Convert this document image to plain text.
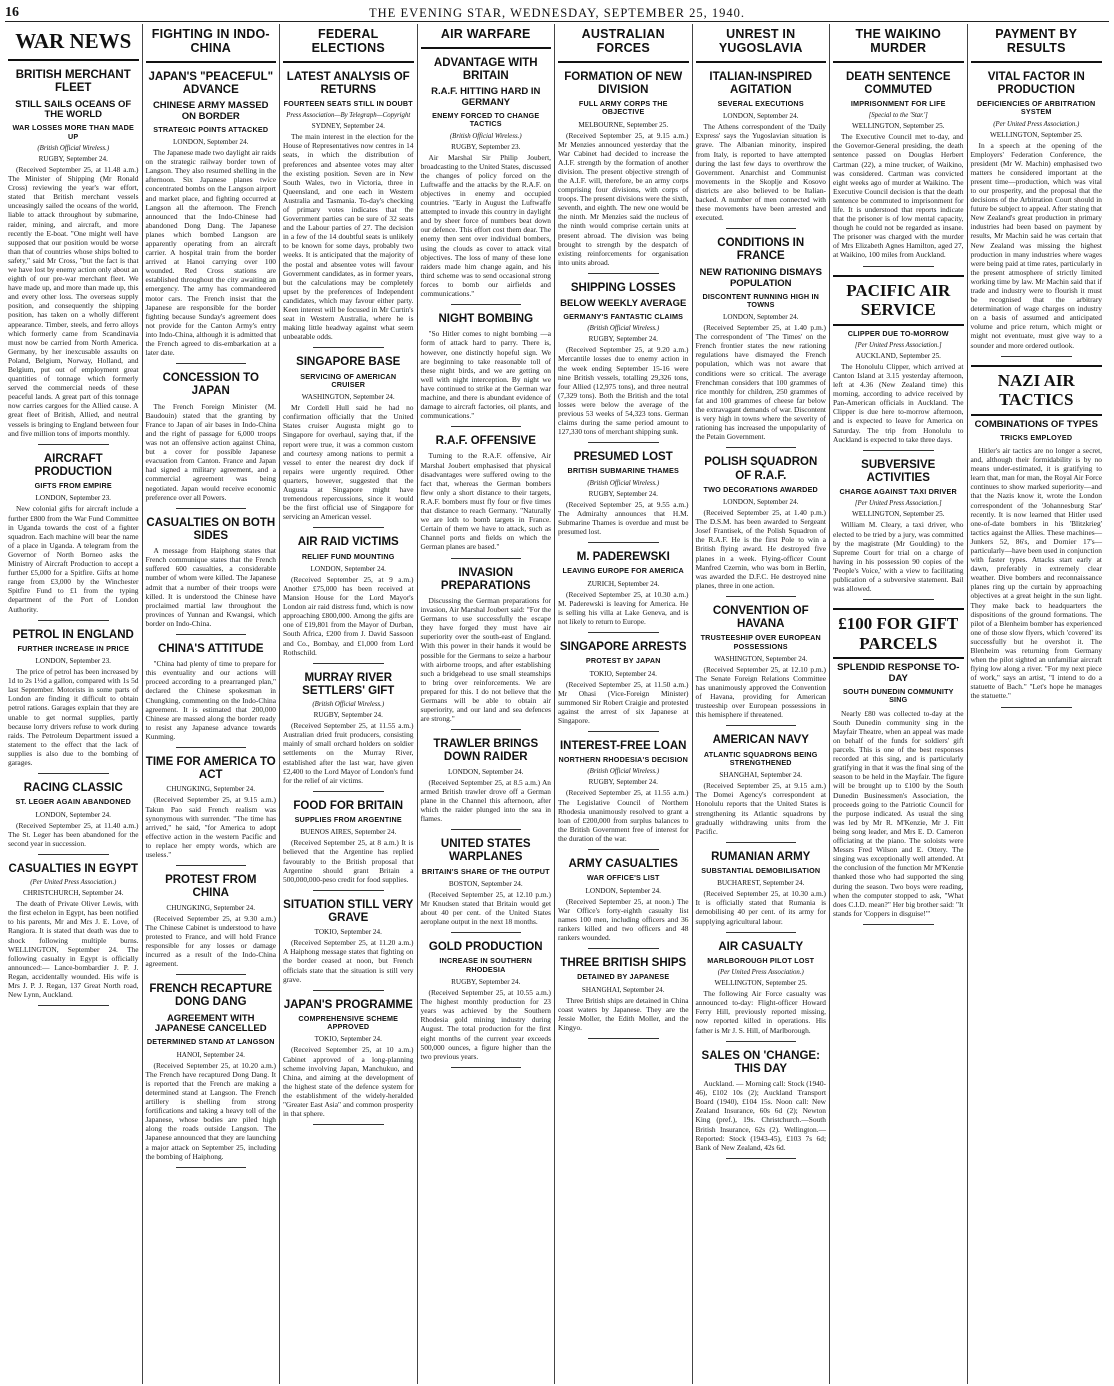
16	THE EVENING STAR, WEDNESDAY, SEPTEMBER 25, 1940.
WAR NEWS
BRITISH MERCHANT FLEET
STILL SAILS OCEANS OF THE WORLD
WAR LOSSES MORE THAN MADE UP
(British Official Wireless.)
RUGBY, September 24.
(Received September 25, at 11.48 a.m.) The Minister of Shipping (Mr Ronald Cross) reviewing the year's war effort, stated that British merchant vessels unceasingly sailed the oceans of the world, liable to attack throughout by submarine, raider, mining, and aircraft, and more recently the E-boat. "One might well have supposed that our position would be worse than that of countries whose ships bolted to safety," said Mr Cross, "but the fact is that we have lost by enemy action only about an eighth of our pre-war merchant fleet. We have made up, and more than made up, this and every other loss. The overseas supply position, and consequently the shipping position, has taken on a wholly different appearance. Timber, steels, and ferro alloys which formerly came from Scandinavia must now be carried from North America. Germany, by her inexcusable assaults on Poland, Belgium, Norway, Holland, and Belgium, put out of employment great quantities of tonnage which formerly served the commercial needs of these peaceful lands. A great part of this tonnage now carries cargoes for the Allied cause. A great fleet of British, Allied, and neutral vessels is bringing to England between four and five million tons of imports monthly.
AIRCRAFT PRODUCTION
GIFTS FROM EMPIRE
LONDON, September 23.
New colonial gifts for aircraft include a further £800 from the War Fund Committee in Uganda towards the cost of a fighter squadron. Each machine will bear the name of a place in Uganda. A telegram from the Governor of North Borneo asks the Ministry of Aircraft Production to accept a further £5,000 for a Spitfire. Gifts at home range from £3,000 by the Winchester Spitfire Fund to £1 from the typing department of the Port of London Authority.
PETROL IN ENGLAND
FURTHER INCREASE IN PRICE
LONDON, September 23.
The price of petrol has been increased by 1d to 2s 1½d a gallon, compared with 1s 5d last September. Motorists in some parts of London are finding it difficult to obtain petrol rations. Garages explain that they are unable to get normal supplies, partly because lorry drivers refuse to work during raids. The Petroleum Department issued a statement to the effect that the lack of supplies is also due to the bombing of garages.
RACING CLASSIC
ST. LEGER AGAIN ABANDONED
LONDON, September 24.
(Received September 25, at 11.40 a.m.) The St. Leger has been abandoned for the second year in succession.
CASUALTIES IN EGYPT
(Per United Press Association.)
CHRISTCHURCH, September 24.
The death of Private Oliver Lewis, with the first echelon in Egypt, has been notified to his parents, Mr and Mrs J. E. Love, of Rangiora. It is stated that death was due to shock following multiple burns. WELLINGTON, September 24. The following casualty in Egypt is officially announced:— Lance-bombardier J. P. J. Regan, accidentally wounded. His wife is Mrs J. P. J. Regan, 137 Great North road, New Lynn, Auckland.
FIGHTING IN INDO-CHINA
JAPAN'S "PEACEFUL" ADVANCE
CHINESE ARMY MASSED ON BORDER
STRATEGIC POINTS ATTACKED
LONDON, September 24.
The Japanese made two daylight air raids on the strategic railway border town of Langson. They also resumed shelling in the afternoon. Six Japanese planes twice concentrated bombs on the Langson airport and market place, and fighting occurred at Langson all the afternoon. The French announced that the Indo-Chinese had abandoned Dong Dang. The Japanese planes which bombed Langson are apparently operating from an aircraft carrier. A hospital train from the border arrived at Hanoi carrying over 100 wounded. Red Cross stations are established throughout the city awaiting an emergency. The army has commandeered motor cars. The French insist that the Japanese are responsible for the border fighting because Sunday's agreement does not provide for the Canton Army's entry into Indo-China, although it is admitted that the French agreed to dis-embarkation at a later date.
CONCESSION TO JAPAN
The French Foreign Minister (M. Baudouin) stated that the granting by France to Japan of air bases in Indo-China and the right of passage for 6,000 troops was not an offensive action against China, but a cover for possible Japanese evacuation from Canton. France and Japan had signed a military agreement, and a commercial agreement was being negotiated. Japan would receive economic preference over all Powers.
CASUALTIES ON BOTH SIDES
A message from Haiphong states that French communique states that the French suffered 600 casualties, a considerable number of whom were killed. The Japanese admit that a number of their troops were killed. It is understood the Chinese have proclaimed martial law throughout the provinces of Yunnan and Kwangsi, which border on Indo-China.
CHINA'S ATTITUDE
"China had plenty of time to prepare for this eventuality and our actions will proceed according to a prearranged plan," declared the Chinese spokesman in Chungking, commenting on the Indo-China agreement. It is estimated that 200,000 Chinese are massed along the border ready to resist any Japanese advance towards Kunming.
TIME FOR AMERICA TO ACT
CHUNGKING, September 24.
(Received September 25, at 9.15 a.m.) Takun Pao said French realism was synonymous with surrender. "The time has arrived," he said, "for America to adopt effective action in the western Pacific and to replace her empty words, which are useless."
PROTEST FROM CHINA
CHUNGKING, September 24.
(Received September 25, at 9.30 a.m.) The Chinese Cabinet is understood to have protested to France, and will hold France responsible for any losses or damage incurred as a result of the Indo-China agreement.
FRENCH RECAPTURE DONG DANG
AGREEMENT WITH JAPANESE CANCELLED
DETERMINED STAND AT LANGSON
HANOI, September 24.
(Received September 25, at 10.20 a.m.) The French have recaptured Dong Dang. It is reported that the French are making a determined stand at Langson. The French artillery is shelling from strong fortifications and taking a heavy toll of the Japanese, whose bodies are piled high along the roads outside Langson. The Japanese announced that they are launching a major attack on September 25, including the bombing of Haiphong.
FEDERAL ELECTIONS
LATEST ANALYSIS OF RETURNS
FOURTEEN SEATS STILL IN DOUBT
Press Association—By Telegraph—Copyright
SYDNEY, September 24.
The main interest in the election for the House of Representatives now centres in 14 seats, in which the distribution of preferences and absentee votes may alter the existing position. Seven are in New South Wales, two in Victoria, three in Queensland, and one each in Western Australia and Tasmania. To-day's checking of primary votes indicates that the Government parties can be sure of 32 seats and the Labour parties of 27. The decision in a few of the 14 doubtful seats is unlikely to be known for some days, probably two weeks. It is anticipated that the majority of the postal and absentee votes will favour Government candidates, as in former years, but the calculations may be completely upset by the preferences of Independent candidates, which may favour either party. Keen interest will be focused in Mr Curtin's seat in Western Australia, where he is making little headway against what seem unbeatable odds.
SINGAPORE BASE
SERVICING OF AMERICAN CRUISER
WASHINGTON, September 24.
Mr Cordell Hull said he had no confirmation officially that the United States cruiser Augusta might go to Singapore for overhaul, saying that, if the report were true, it was a common custom and courtesy among nations to permit a vessel to enter the nearest dry dock if repairs were urgently required. Other quarters, however, suggested that the Augusta at Singapore might have tremendous repercussions, since it would be the first official use of Singapore for servicing an American vessel.
AIR RAID VICTIMS
RELIEF FUND MOUNTING
LONDON, September 24.
(Received September 25, at 9 a.m.) Another £75,000 has been received at Mansion House for the Lord Mayor's London air raid distress fund, which is now approaching £800,000. Among the gifts are one of £19,801 from the Mayor of Durban, South Africa, £200 from J. David Sassoon and Co., Bombay, and £1,000 from Lord Rothschild.
MURRAY RIVER SETTLERS' GIFT
(British Official Wireless.)
RUGBY, September 24.
(Received September 25, at 11.55 a.m.) Australian dried fruit producers, consisting mainly of small orchard holders on soldier settlements on the Murray River, established after the last war, have given £2,400 to the Lord Mayor of London's fund for the relief of air victims.
FOOD FOR BRITAIN
SUPPLIES FROM ARGENTINE
BUENOS AIRES, September 24.
(Received September 25, at 8 a.m.) It is believed that the Argentine has replied favourably to the British proposal that Argentine should grant Britain a 500,000,000-peso credit for food supplies.
SITUATION STILL VERY GRAVE
TOKIO, September 24.
(Received September 25, at 11.20 a.m.) A Haiphong message states that fighting on the border ceased at noon, but French officials state that the situation is still very grave.
JAPAN'S PROGRAMME
COMPREHENSIVE SCHEME APPROVED
TOKIO, September 24.
(Received September 25, at 10 a.m.) Cabinet approved of a long-planning scheme involving Japan, Manchukuo, and China, and aiming at the development of the highest state of the defence system for the establishment of the widely-heralded "Greater East Asia" and common prosperity in that sphere.
AIR WARFARE
ADVANTAGE WITH BRITAIN
R.A.F. HITTING HARD IN GERMANY
ENEMY FORCED TO CHANGE TACTICS
(British Official Wireless.)
RUGBY, September 23.
Air Marshal Sir Philip Joubert, broadcasting to the United States, discussed the changes of policy forced on the Luftwaffe and the attacks by the R.A.F. on objectives in enemy and occupied countries. "Early in August the Luftwaffe attempted to invade this country in daylight and by sheer force of numbers beat down our defence. This effort cost them dear. The enemy then sent over individual bombers, using the clouds as cover to attack vital objectives. The loss of many of these lone raiders made him change again, and his third scheme was to send occasional strong forces to bomb our airfields and communications."
NIGHT BOMBING
"So Hitler comes to night bombing —a form of attack hard to parry. There is, however, one distinctly hopeful sign. We are beginning to take reasonable toll of these night birds, and we are getting on well with night interception. By night we have continued to strike at the German war machine, and there is abundant evidence of damage to aircraft factories, oil plants, and communications."
R.A.F. OFFENSIVE
Turning to the R.A.F. offensive, Air Marshal Joubert emphasised that physical disadvantages were suffered owing to the fact that, whereas the German bombers flew only a short distance to their targets, R.A.F. bombers must fly four or five times that distance to reach Germany. "Naturally we are loth to bomb targets in France. Certain of them we have to attack, such as Channel ports and fields on which the German planes are based."
INVASION PREPARATIONS
Discussing the German preparations for invasion, Air Marshal Joubert said: "For the Germans to use successfully the escape they have forged they must have air superiority over the south-east of England. With this power in their hands it would be possible for the Germans to seize a harbour with airborne troops, and after establishing such a bridgehead to use small steamships to bring over reinforcements. We are prepared for this. I do not believe that the Germans will be able to obtain air superiority, and our land and sea defences are strong."
TRAWLER BRINGS DOWN RAIDER
LONDON, September 24.
(Received September 25, at 8.5 a.m.) An armed British trawler drove off a German plane in the Channel this afternoon, after which the raider plunged into the sea in flames.
UNITED STATES WARPLANES
BRITAIN'S SHARE OF THE OUTPUT
BOSTON, September 24.
(Received September 25, at 12.10 p.m.) Mr Knudsen stated that Britain would get about 40 per cent. of the United States aeroplane output in the next 18 months.
GOLD PRODUCTION
INCREASE IN SOUTHERN RHODESIA
RUGBY, September 24.
(Received September 25, at 10.55 a.m.) The highest monthly production for 23 years was achieved by the Southern Rhodesia gold mining industry during August. The total production for the first eight months of the current year exceeds 500,000 ounces, a figure higher than the two previous years.
AUSTRALIAN FORCES
FORMATION OF NEW DIVISION
FULL ARMY CORPS THE OBJECTIVE
MELBOURNE, September 25.
(Received September 25, at 9.15 a.m.) Mr Menzies announced yesterday that the War Cabinet had decided to increase the A.I.F. strength by the formation of another division. The present objective strength of the A.I.F. will, therefore, be an army corps comprising four divisions, with corps of troops. The present divisions were the sixth, seventh, and eighth. The new one would be the ninth. Mr Menzies said the nucleus of the ninth would comprise certain units at present abroad. The division was being brought to strength by the despatch of existing reinforcements for organisation into units abroad.
SHIPPING LOSSES
BELOW WEEKLY AVERAGE
GERMANY'S FANTASTIC CLAIMS
(British Official Wireless.)
RUGBY, September 24.
(Received September 25, at 9.20 a.m.) Mercantile losses due to enemy action in the week ending September 15-16 were nine British vessels, totalling 29,326 tons, four Allied (12,975 tons), and three neutral (7,329 tons). Both the British and the total losses were below the average of the previous 53 weeks of 54,323 tons. German claims during the same period amount to 127,330 tons of merchant shipping sunk.
PRESUMED LOST
BRITISH SUBMARINE THAMES
(British Official Wireless.)
RUGBY, September 24.
(Received September 25, at 9.55 a.m.) The Admiralty announces that H.M. Submarine Thames is overdue and must be presumed lost.
M. PADEREWSKI
LEAVING EUROPE FOR AMERICA
ZURICH, September 24.
(Received September 25, at 10.30 a.m.) M. Paderewski is leaving for America. He is selling his villa at Lake Geneva, and is not likely to return to Europe.
SINGAPORE ARRESTS
PROTEST BY JAPAN
TOKIO, September 24.
(Received September 25, at 11.50 a.m.) Mr Ohasi (Vice-Foreign Minister) summoned Sir Robert Craigie and protested against the arrest of six Japanese at Singapore.
INTEREST-FREE LOAN
NORTHERN RHODESIA'S DECISION
(British Official Wireless.)
RUGBY, September 24.
(Received September 25, at 11.55 a.m.) The Legislative Council of Northern Rhodesia unanimously resolved to grant a loan of £200,000 from surplus balances to the British Government free of interest for the duration of the war.
ARMY CASUALTIES
WAR OFFICE'S LIST
LONDON, September 24.
(Received September 25, at noon.) The War Office's forty-eighth casualty list names 100 men, including officers and 36 rankers killed and two officers and 48 rankers wounded.
THREE BRITISH SHIPS
DETAINED BY JAPANESE
SHANGHAI, September 24.
Three British ships are detained in China coast waters by Japanese. They are the Jessie Moller, the Edith Moller, and the Kingyo.
UNREST IN YUGOSLAVIA
ITALIAN-INSPIRED AGITATION
SEVERAL EXECUTIONS
LONDON, September 24.
The Athens correspondent of the 'Daily Express' says the Yugoslavian situation is grave. The Albanian minority, inspired from Italy, is reported to have attempted during the last few days to overthrow the Government. Anarchist and Communist movements in the Skoplje and Kosovo districts are also believed to be Italian-backed. A number of men connected with these movements have been arrested and executed.
CONDITIONS IN FRANCE
NEW RATIONING DISMAYS POPULATION
DISCONTENT RUNNING HIGH IN TOWNS
LONDON, September 24.
(Received September 25, at 1.40 p.m.) The correspondent of 'The Times' on the French frontier states the new rationing regulations have dismayed the French population, which was not aware that conditions were so critical. The average Frenchman considers that 100 grammes of rice monthly for children, 250 grammes of fat and 100 grammes of cheese far below the extravagant demands of war. Discontent is very high in towns where the severity of rationing has increased the unpopularity of the Petain Government.
POLISH SQUADRON OF R.A.F.
TWO DECORATIONS AWARDED
LONDON, September 24.
(Received September 25, at 1.40 p.m.) The D.S.M. has been awarded to Sergeant Josef Frantisek, of the Polish Squadron of the R.A.F. He is the first Pole to win a British flying award. He destroyed five planes in a week. Flying-officer Count Manfred Czernin, who was born in Berlin, was awarded the D.F.C. He destroyed nine planes, three in one action.
CONVENTION OF HAVANA
TRUSTEESHIP OVER EUROPEAN POSSESSIONS
WASHINGTON, September 24.
(Received September 25, at 12.10 p.m.) The Senate Foreign Relations Committee has unanimously approved the Convention of Havana, providing for American trusteeship over European possessions in this hemisphere if threatened.
AMERICAN NAVY
ATLANTIC SQUADRONS BEING STRENGTHENED
SHANGHAI, September 24.
(Received September 25, at 9.15 a.m.) The Domei Agency's correspondent at Honolulu reports that the United States is strengthening its Atlantic squadrons by gradually withdrawing units from the Pacific.
RUMANIAN ARMY
SUBSTANTIAL DEMOBILISATION
BUCHAREST, September 24.
(Received September 25, at 10.30 a.m.) It is officially stated that Rumania is demobilising 40 per cent. of its army for supplying agricultural labour.
AIR CASUALTY
MARLBOROUGH PILOT LOST
(Per United Press Association.)
WELLINGTON, September 25.
The following Air Force casualty was announced to-day: Flight-officer Howard Ferry Hill, previously reported missing, now reported killed in operations. His father is Mr J. S. Hill, of Marlborough.
SALES ON 'CHANGE: THIS DAY
Auckland. — Morning call: Stock (1940-46), £102 10s (2); Auckland Transport Board (1940), £104 15s. Noon call: New Zealand Insurance, 60s 6d (2); Newton King (pref.), 19s. Christchurch.—South British Insurance, 62s (2). Wellington.—Reported: Stock (1943-45), £103 7s 6d; Bank of New Zealand, 42s 6d.
THE WAIKINO MURDER
DEATH SENTENCE COMMUTED
IMPRISONMENT FOR LIFE
[Special to the 'Star.']
WELLINGTON, September 25.
The Executive Council met to-day, and the Governor-General presiding, the death sentence passed on Douglas Herbert Cartman (22), a mine trucker, of Waikino, was considered. Cartman was convicted eight weeks ago of murder at Waikino. The Executive Council decision is that the death sentence be commuted to imprisonment for life. It is understood that reports indicate that the prisoner is of low mental capacity, though he could not be regarded as insane. The prisoner was charged with the murder of Mrs Elizabeth Agnes Hamilton, aged 27, at Waikino, 100 miles from Auckland.
PACIFIC AIR SERVICE
CLIPPER DUE TO-MORROW
[Per United Press Association.]
AUCKLAND, September 25.
The Honolulu Clipper, which arrived at Canton Island at 3.15 yesterday afternoon, left at 4.36 (New Zealand time) this morning, according to advice received by Pan-American officials in Auckland. The Clipper is due here to-morrow afternoon, and is expected to leave for America on Saturday. The trip from Honolulu to Auckland is expected to take three days.
SUBVERSIVE ACTIVITIES
CHARGE AGAINST TAXI DRIVER
[Per United Press Association.]
WELLINGTON, September 25.
William M. Cleary, a taxi driver, who elected to be tried by a jury, was committed by the magistrate (Mr Goulding) to the Supreme Court for trial on a charge of having in his possession 90 copies of the 'People's Voice,' with a view to facilitating publication of a subversive statement. Bail was allowed.
£100 FOR GIFT PARCELS
SPLENDID RESPONSE TO-DAY
SOUTH DUNEDIN COMMUNITY SING
Nearly £80 was collected to-day at the South Dunedin community sing in the Mayfair Theatre, when an appeal was made on behalf of the funds for soldiers' gift parcels. This is one of the best responses recorded at this sing, and is particularly gratifying in that it was the final sing of the season to be held in the Mayfair. The figure will be brought up to £100 by the South Dunedin Businessmen's Association, the proceeds going to the Patriotic Council for the purpose indicated. As usual the sing was led by Mr R. M'Kenzie, Mr J. Fitt being song leader, and Mrs E. D. Cameron officiating at the piano. The soloists were Messrs Fred Wilson and E. Ottery. The singing was exceptionally well attended. At the conclusion of the function Mr M'Kenzie thanked those who had supported the sing during the season. Two boys were reading, when the computer stopped to ask, "What does C.I.D. mean?" Her big brother said: "It stands for 'Coppers in disguise!'"
PAYMENT BY RESULTS
VITAL FACTOR IN PRODUCTION
DEFICIENCIES OF ARBITRATION SYSTEM
(Per United Press Association.)
WELLINGTON, September 25.
In a speech at the opening of the Employers' Federation Conference, the president (Mr W. Machin) emphasised two matters he considered important at the present time—production, which was vital to our prosperity, and the proposal that the decisions of the Arbitration Court should in future be subject to appeal. After stating that New Zealand's great production in primary industries had been based on payment by results, Mr Machin said he was certain that New Zealand was missing the highest production in many industries where wages were being paid at time rates, particularly in the present atmosphere of strictly limited working time by law. Mr Machin said that if trade and industry were to flourish it must be recognised that the arbitrary determination of wage charges on industry on a basis of assumed and anticipated volume and price return, which might or might not eventuate, must give way to a sounder and more ordered outlook.
NAZI AIR TACTICS
COMBINATIONS OF TYPES
TRICKS EMPLOYED
Hitler's air tactics are no longer a secret, and, although their formidability is by no means under-estimated, it is gratifying to learn that, man for man, the Royal Air Force continues to show marked superiority—and that the Nazis know it, wrote the London correspondent of the 'Johannesburg Star' recently. It is now learned that Hitler used one-of-date bombers in his 'Blitzkrieg' tactics against the Allies. These machines—Junkers 52, 86's, and Dornier 17's—particularly—have been used in conjunction with faster types. Attacks start early at dawn, preferably in extremely clear weather. Dive bombers and reconnaissance planes ring up the curtain by approaching objectives at a great height in the sun light. They make back to headquarters the dispositions of the ground formations. The pilot of a Blenheim bomber has experienced one of those slow flyers, which 'covered' its successfully but he overshot it. The Blenheim was returning from Germany when the pilot sighted an unfamiliar aircraft flying low along a river. "For my next piece of work," says an artist, "I intend to do a statuette of Bach." "Let's hope he manages the statuette."
